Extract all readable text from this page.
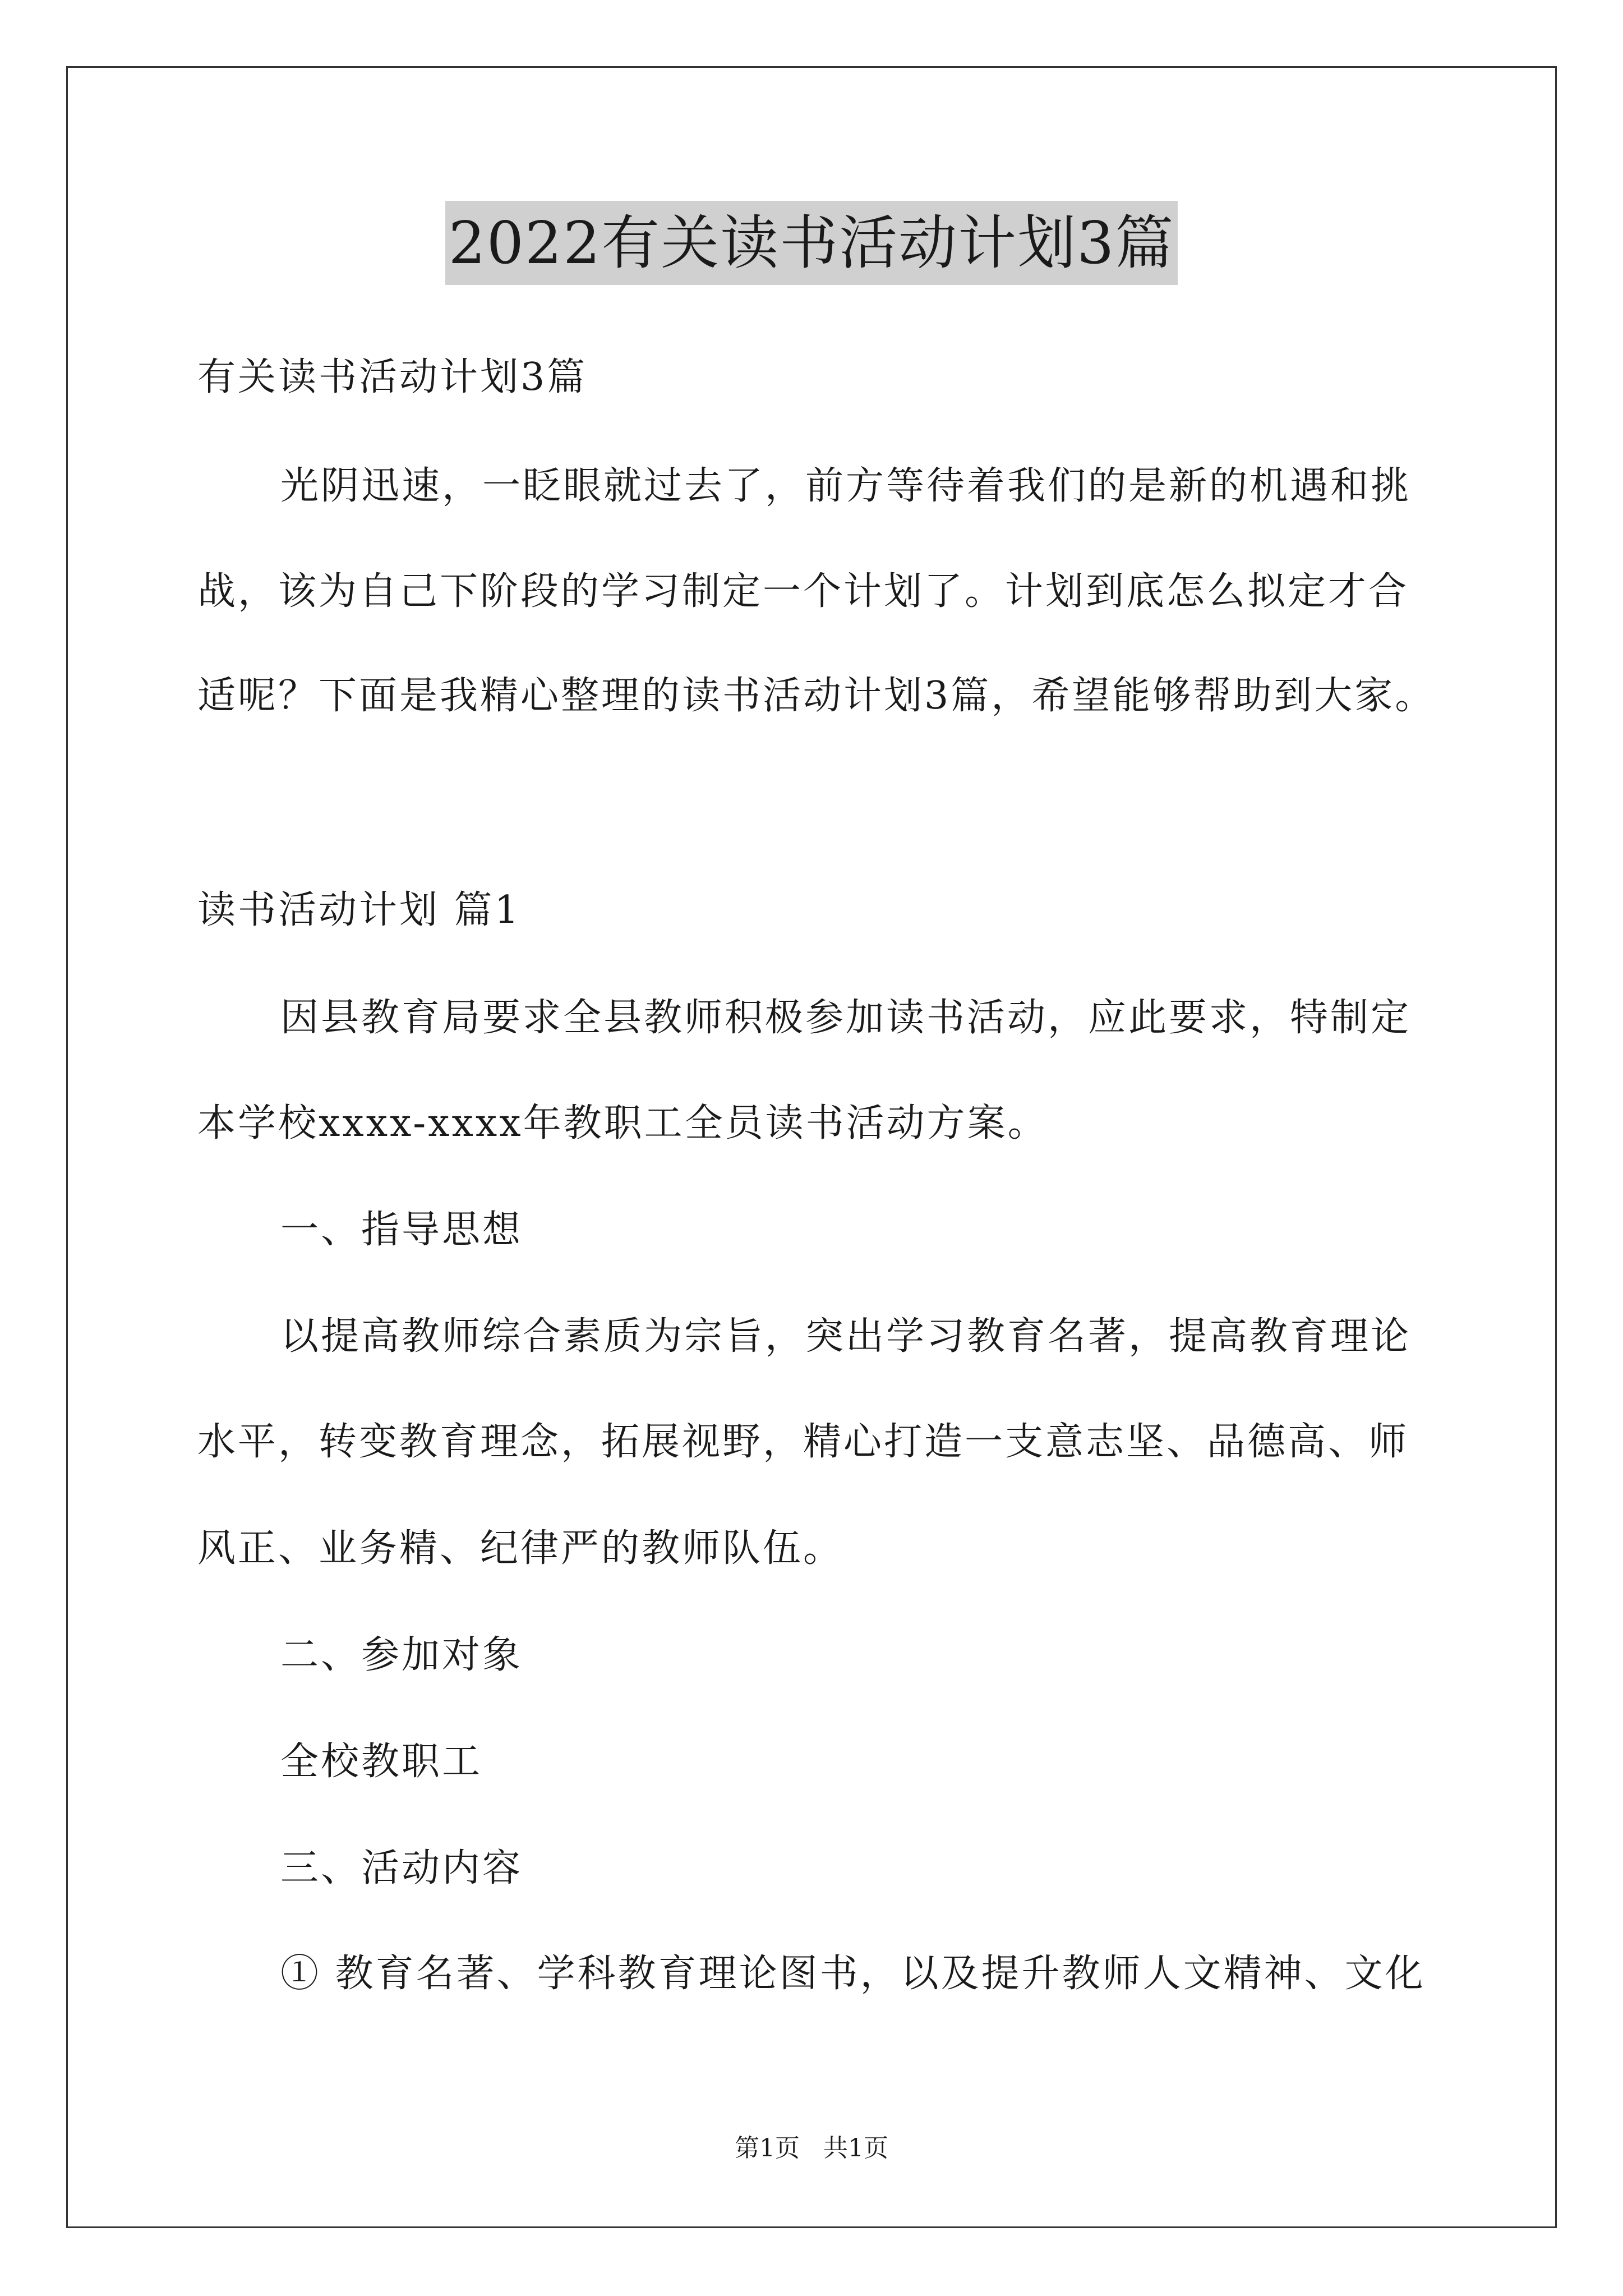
2022有关读书活动计划3篇
有关读书活动计划3篇
光阴迅速，一眨眼就过去了，前方等待着我们的是新的机遇和挑
战，该为自己下阶段的学习制定一个计划了。计划到底怎么拟定才合
适呢？下面是我精心整理的读书活动计划3篇，希望能够帮助到大家。
读书活动计划 篇1
因县教育局要求全县教师积极参加读书活动，应此要求，特制定
本学校xxxx-xxxx年教职工全员读书活动方案。
一、指导思想
以提高教师综合素质为宗旨，突出学习教育名著，提高教育理论
水平，转变教育理念，拓展视野，精心打造一支意志坚、品德高、师
风正、业务精、纪律严的教师队伍。
二、参加对象
全校教职工
三、活动内容
① 教育名著、学科教育理论图书，以及提升教师人文精神、文化
第1页 共1页
